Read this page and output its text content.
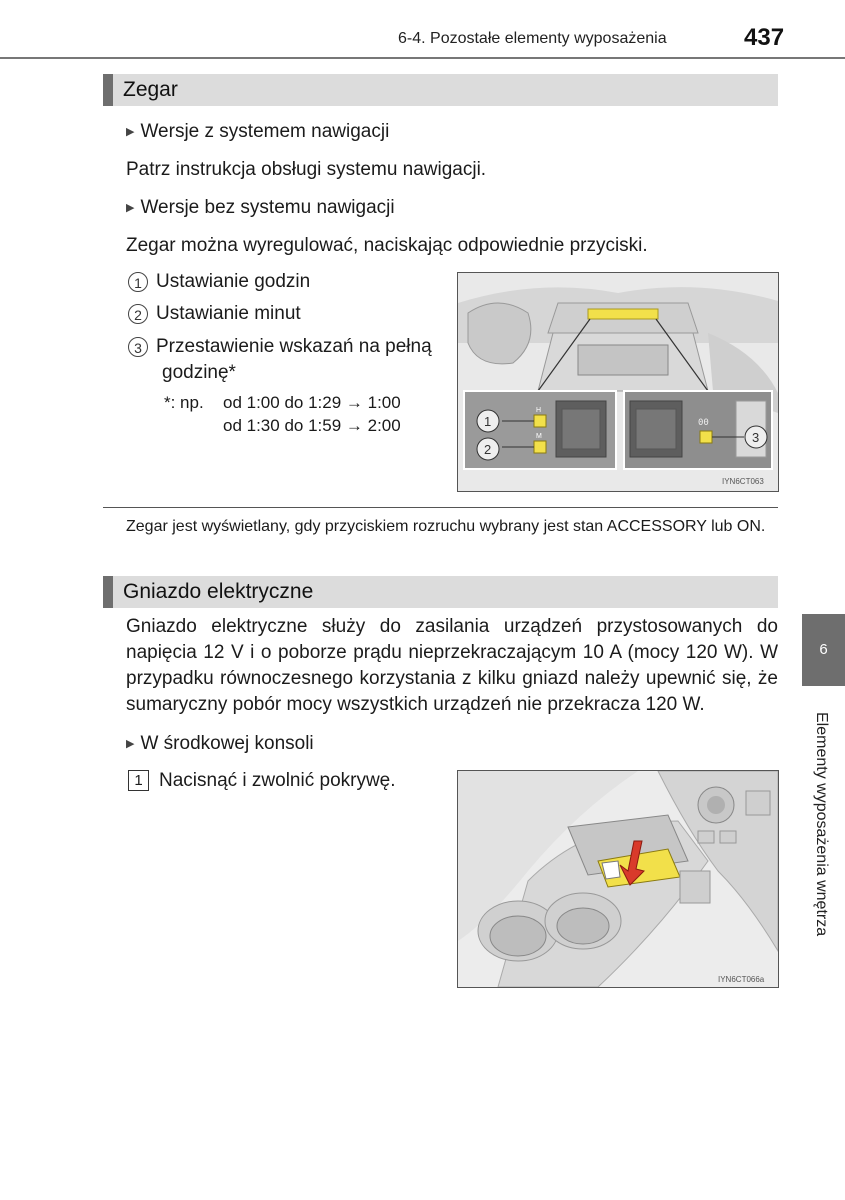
6-4. Pozostałe elementy wyposażenia	437
Zegar
▶ Wersje z systemem nawigacji
Patrz instrukcja obsługi systemu nawigacji.
▶ Wersje bez systemu nawigacji
Zegar można wyregulować, naciskając odpowiednie przyciski.
1 Ustawianie godzin
2 Ustawianie minut
3 Przestawienie wskazań na pełną
godzinę*
*: np. od 1:00 do 1:29 → 1:00
od 1:30 do 1:59 → 2:00
H
M
1
2
00
3
IYN6CT063
Zegar jest wyświetlany, gdy przyciskiem rozruchu wybrany jest stan ACCESSORY lub ON.
Gniazdo elektryczne
Gniazdo elektryczne służy do zasilania urządzeń przystosowanych do napięcia 12 V i o poborze prądu nieprzekraczającym 10 A (mocy 120 W). W przypadku równoczesnego korzystania z kilku gniazd należy upewnić się, że sumaryczny pobór mocy wszystkich urządzeń nie przekracza 120 W.
▶ W środkowej konsoli
1 Nacisnąć i zwolnić pokrywę.
IYN6CT066a
6
Elementy wyposażenia wnętrza
